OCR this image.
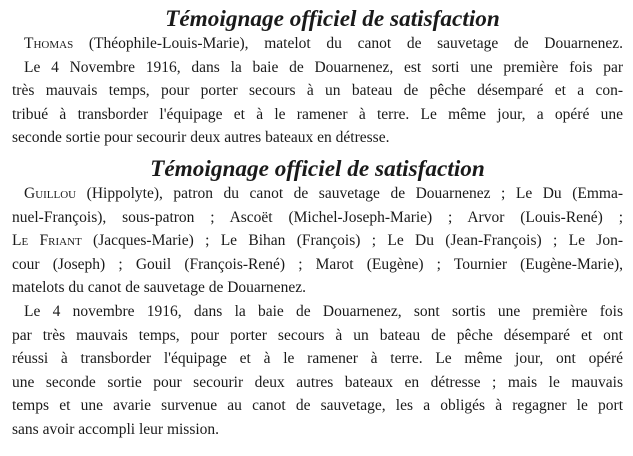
Témoignage officiel de satisfaction
Thomas (Théophile-Louis-Marie), matelot du canot de sauvetage de Douarnenez.
Le 4 Novembre 1916, dans la baie de Douarnenez, est sorti une première fois par
très mauvais temps, pour porter secours à un bateau de pêche désemparé et a con-
tribué à transborder l'équipage et à le ramener à terre. Le même jour, a opéré une
seconde sortie pour secourir deux autres bateaux en détresse.
Témoignage officiel de satisfaction
Guillou (Hippolyte), patron du canot de sauvetage de Douarnenez ; Le Du (Emma-
nuel-François), sous-patron ; Ascoët (Michel-Joseph-Marie) ; Arvor (Louis-René) ;
Le Friant (Jacques-Marie) ; Le Bihan (François) ; Le Du (Jean-François) ; Le Jon-
cour (Joseph) ; Gouil (François-René) ; Marot (Eugène) ; Tournier (Eugène-Marie),
matelots du canot de sauvetage de Douarnenez.
Le 4 novembre 1916, dans la baie de Douarnenez, sont sortis une première fois
par très mauvais temps, pour porter secours à un bateau de pêche désemparé et ont
réussi à transborder l'équipage et à le ramener à terre. Le même jour, ont opéré
une seconde sortie pour secourir deux autres bateaux en détresse ; mais le mauvais
temps et une avarie survenue au canot de sauvetage, les a obligés à regagner le port
sans avoir accompli leur mission.
